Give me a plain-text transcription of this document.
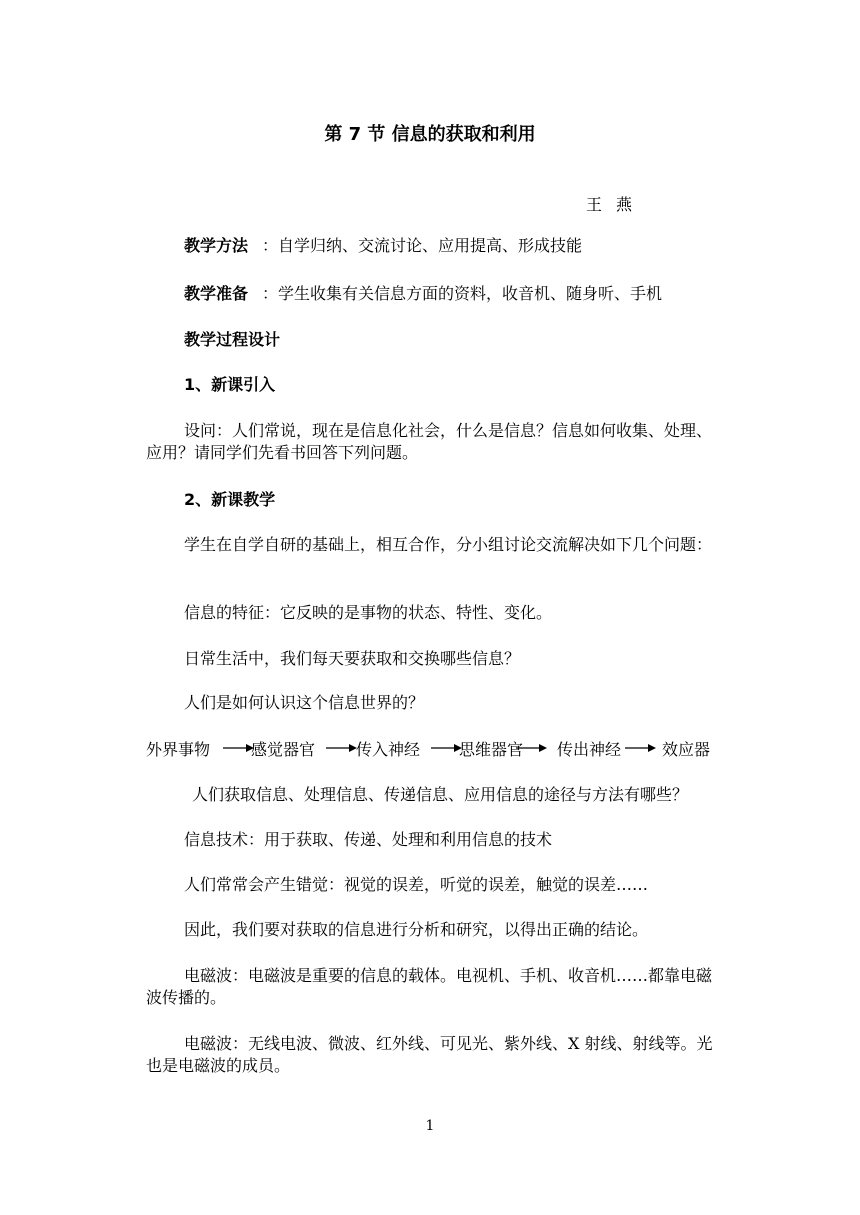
第 7 节 信息的获取和利用
王燕
教学方法 ：自学归纳、交流讨论、应用提高、形成技能
教学准备 ：学生收集有关信息方面的资料，收音机、随身听、手机
教学过程设计
1、新课引入
设问：人们常说，现在是信息化社会，什么是信息？信息如何收集、处理、应用？请同学们先看书回答下列问题。
2、新课教学
学生在自学自研的基础上，相互合作，分小组讨论交流解决如下几个问题：
信息的特征：它反映的是事物的状态、特性、变化。
日常生活中，我们每天要获取和交换哪些信息？
人们是如何认识这个信息世界的？
外界事物	感觉器官	传入神经 思维器官 传出神经	效应器
人们获取信息、处理信息、传递信息、应用信息的途径与方法有哪些？
信息技术：用于获取、传递、处理和利用信息的技术
人们常常会产生错觉：视觉的误差，听觉的误差，触觉的误差……
因此，我们要对获取的信息进行分析和研究，以得出正确的结论。
电磁波：电磁波是重要的信息的载体。电视机、手机、收音机……都靠电磁波传播的。
电磁波：无线电波、微波、红外线、可见光、紫外线、X 射线、射线等。光也是电磁波的成员。
1
